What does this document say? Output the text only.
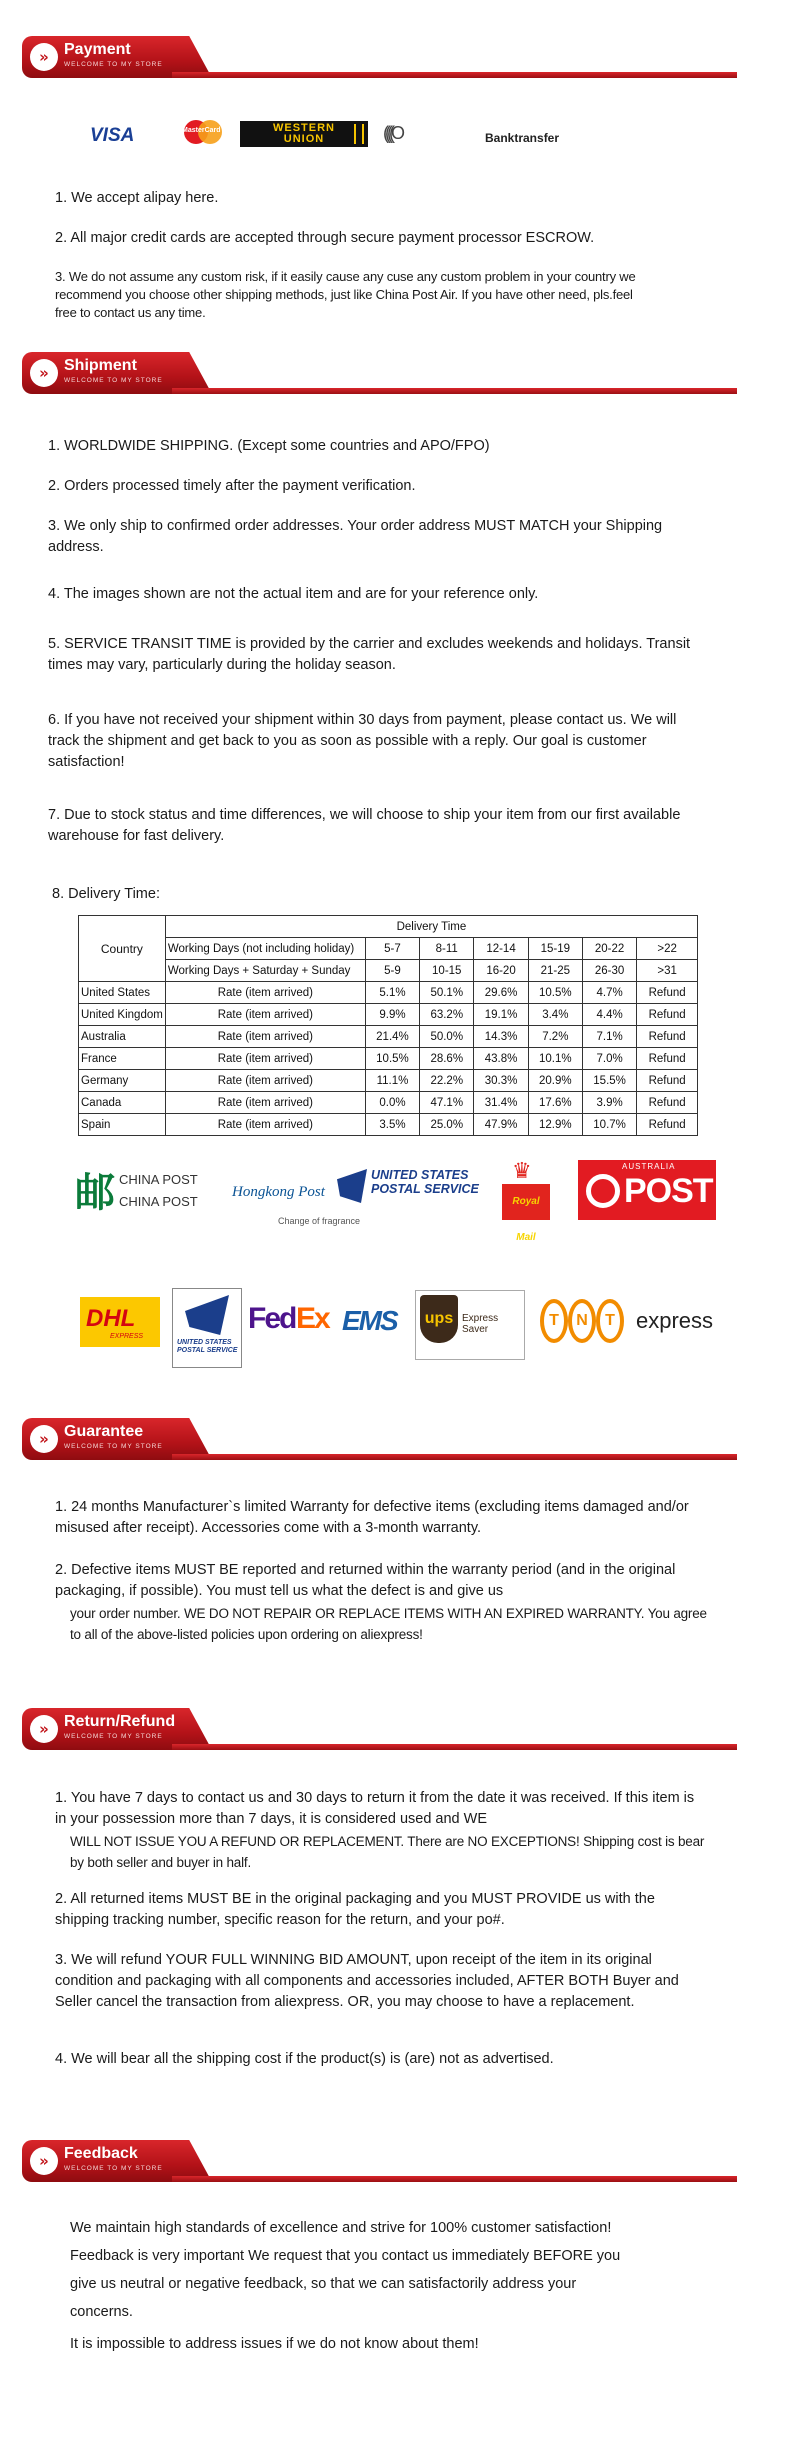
» Payment
WELCOME TO MY STORE
VISA	MasterCard	WESTERN
UNION	((((O	Banktransfer
1. We accept alipay here.
2. All major credit cards are accepted through secure payment processor ESCROW.
3. We do not assume any custom risk, if it easily cause any cuse any custom problem in your country we recommend you choose other shipping methods, just like China Post Air. If you have other need, pls.feel free to contact us any time.
» Shipment
WELCOME TO MY STORE
1. WORLDWIDE SHIPPING. (Except some countries and APO/FPO)
2. Orders processed timely after the payment verification.
3. We only ship to confirmed order addresses. Your order address MUST MATCH your Shipping address.
4. The images shown are not the actual item and are for your reference only.
5. SERVICE TRANSIT TIME is provided by the carrier and excludes weekends and holidays. Transit times may vary, particularly during the holiday season.
6. If you have not received your shipment within 30 days from payment, please contact us. We will track the shipment and get back to you as soon as possible with a reply. Our goal is customer satisfaction!
7. Due to stock status and time differences, we will choose to ship your item from our first available warehouse for fast delivery.
8. Delivery Time:
Country	Delivery Time						
	Working Days (not including holiday)	5-7	8-11	12-14	15-19	20-22	>22
	Working Days + Saturday + Sunday	5-9	10-15	16-20	21-25	26-30	>31
United States	Rate (item arrived)	5.1%	50.1%	29.6%	10.5%	4.7%	Refund
United Kingdom	Rate (item arrived)	9.9%	63.2%	19.1%	3.4%	4.4%	Refund
Australia	Rate (item arrived)	21.4%	50.0%	14.3%	7.2%	7.1%	Refund
France	Rate (item arrived)	10.5%	28.6%	43.8%	10.1%	7.0%	Refund
Germany	Rate (item arrived)	11.1%	22.2%	30.3%	20.9%	15.5%	Refund
Canada	Rate (item arrived)	0.0%	47.1%	31.4%	17.6%	3.9%	Refund
Spain	Rate (item arrived)	3.5%	25.0%	47.9%	12.9%	10.7%	Refund
邮 CHINA POST
CHINA POST
Hongkong Post
Change of fragrance
UNITED STATES POSTAL SERVICE
♛
Royal Mail
AUSTRALIA
POST
DHL
EXPRESS
UNITED STATES POSTAL SERVICE
Fed Ex EMS ups Express Saver
T	N	T express
» Guarantee
WELCOME TO MY STORE
1. 24 months Manufacturer`s limited Warranty for defective items (excluding items damaged and/or misused after receipt). Accessories come with a 3-month warranty.
2. Defective items MUST BE reported and returned within the warranty period (and in the original packaging, if possible). You must tell us what the defect is and give us
your order number. WE DO NOT REPAIR OR REPLACE ITEMS WITH AN EXPIRED WARRANTY. You agree to all of the above-listed policies upon ordering on aliexpress!
» Return/Refund
WELCOME TO MY STORE
1. You have 7 days to contact us and 30 days to return it from the date it was received. If this item is in your possession more than 7 days, it is considered used and WE
WILL NOT ISSUE YOU A REFUND OR REPLACEMENT. There are NO EXCEPTIONS! Shipping cost is bear by both seller and buyer in half.
2. All returned items MUST BE in the original packaging and you MUST PROVIDE us with the shipping tracking number, specific reason for the return, and your po#.
3. We will refund YOUR FULL WINNING BID AMOUNT, upon receipt of the item in its original condition and packaging with all components and accessories included, AFTER BOTH Buyer and Seller cancel the transaction from aliexpress. OR, you may choose to have a replacement.
4. We will bear all the shipping cost if the product(s) is (are) not as advertised.
» Feedback
WELCOME TO MY STORE
We maintain high standards of excellence and strive for 100% customer satisfaction!
Feedback is very important We request that you contact us immediately BEFORE you
give us neutral or negative feedback, so that we can satisfactorily address your
concerns.
It is impossible to address issues if we do not know about them!
